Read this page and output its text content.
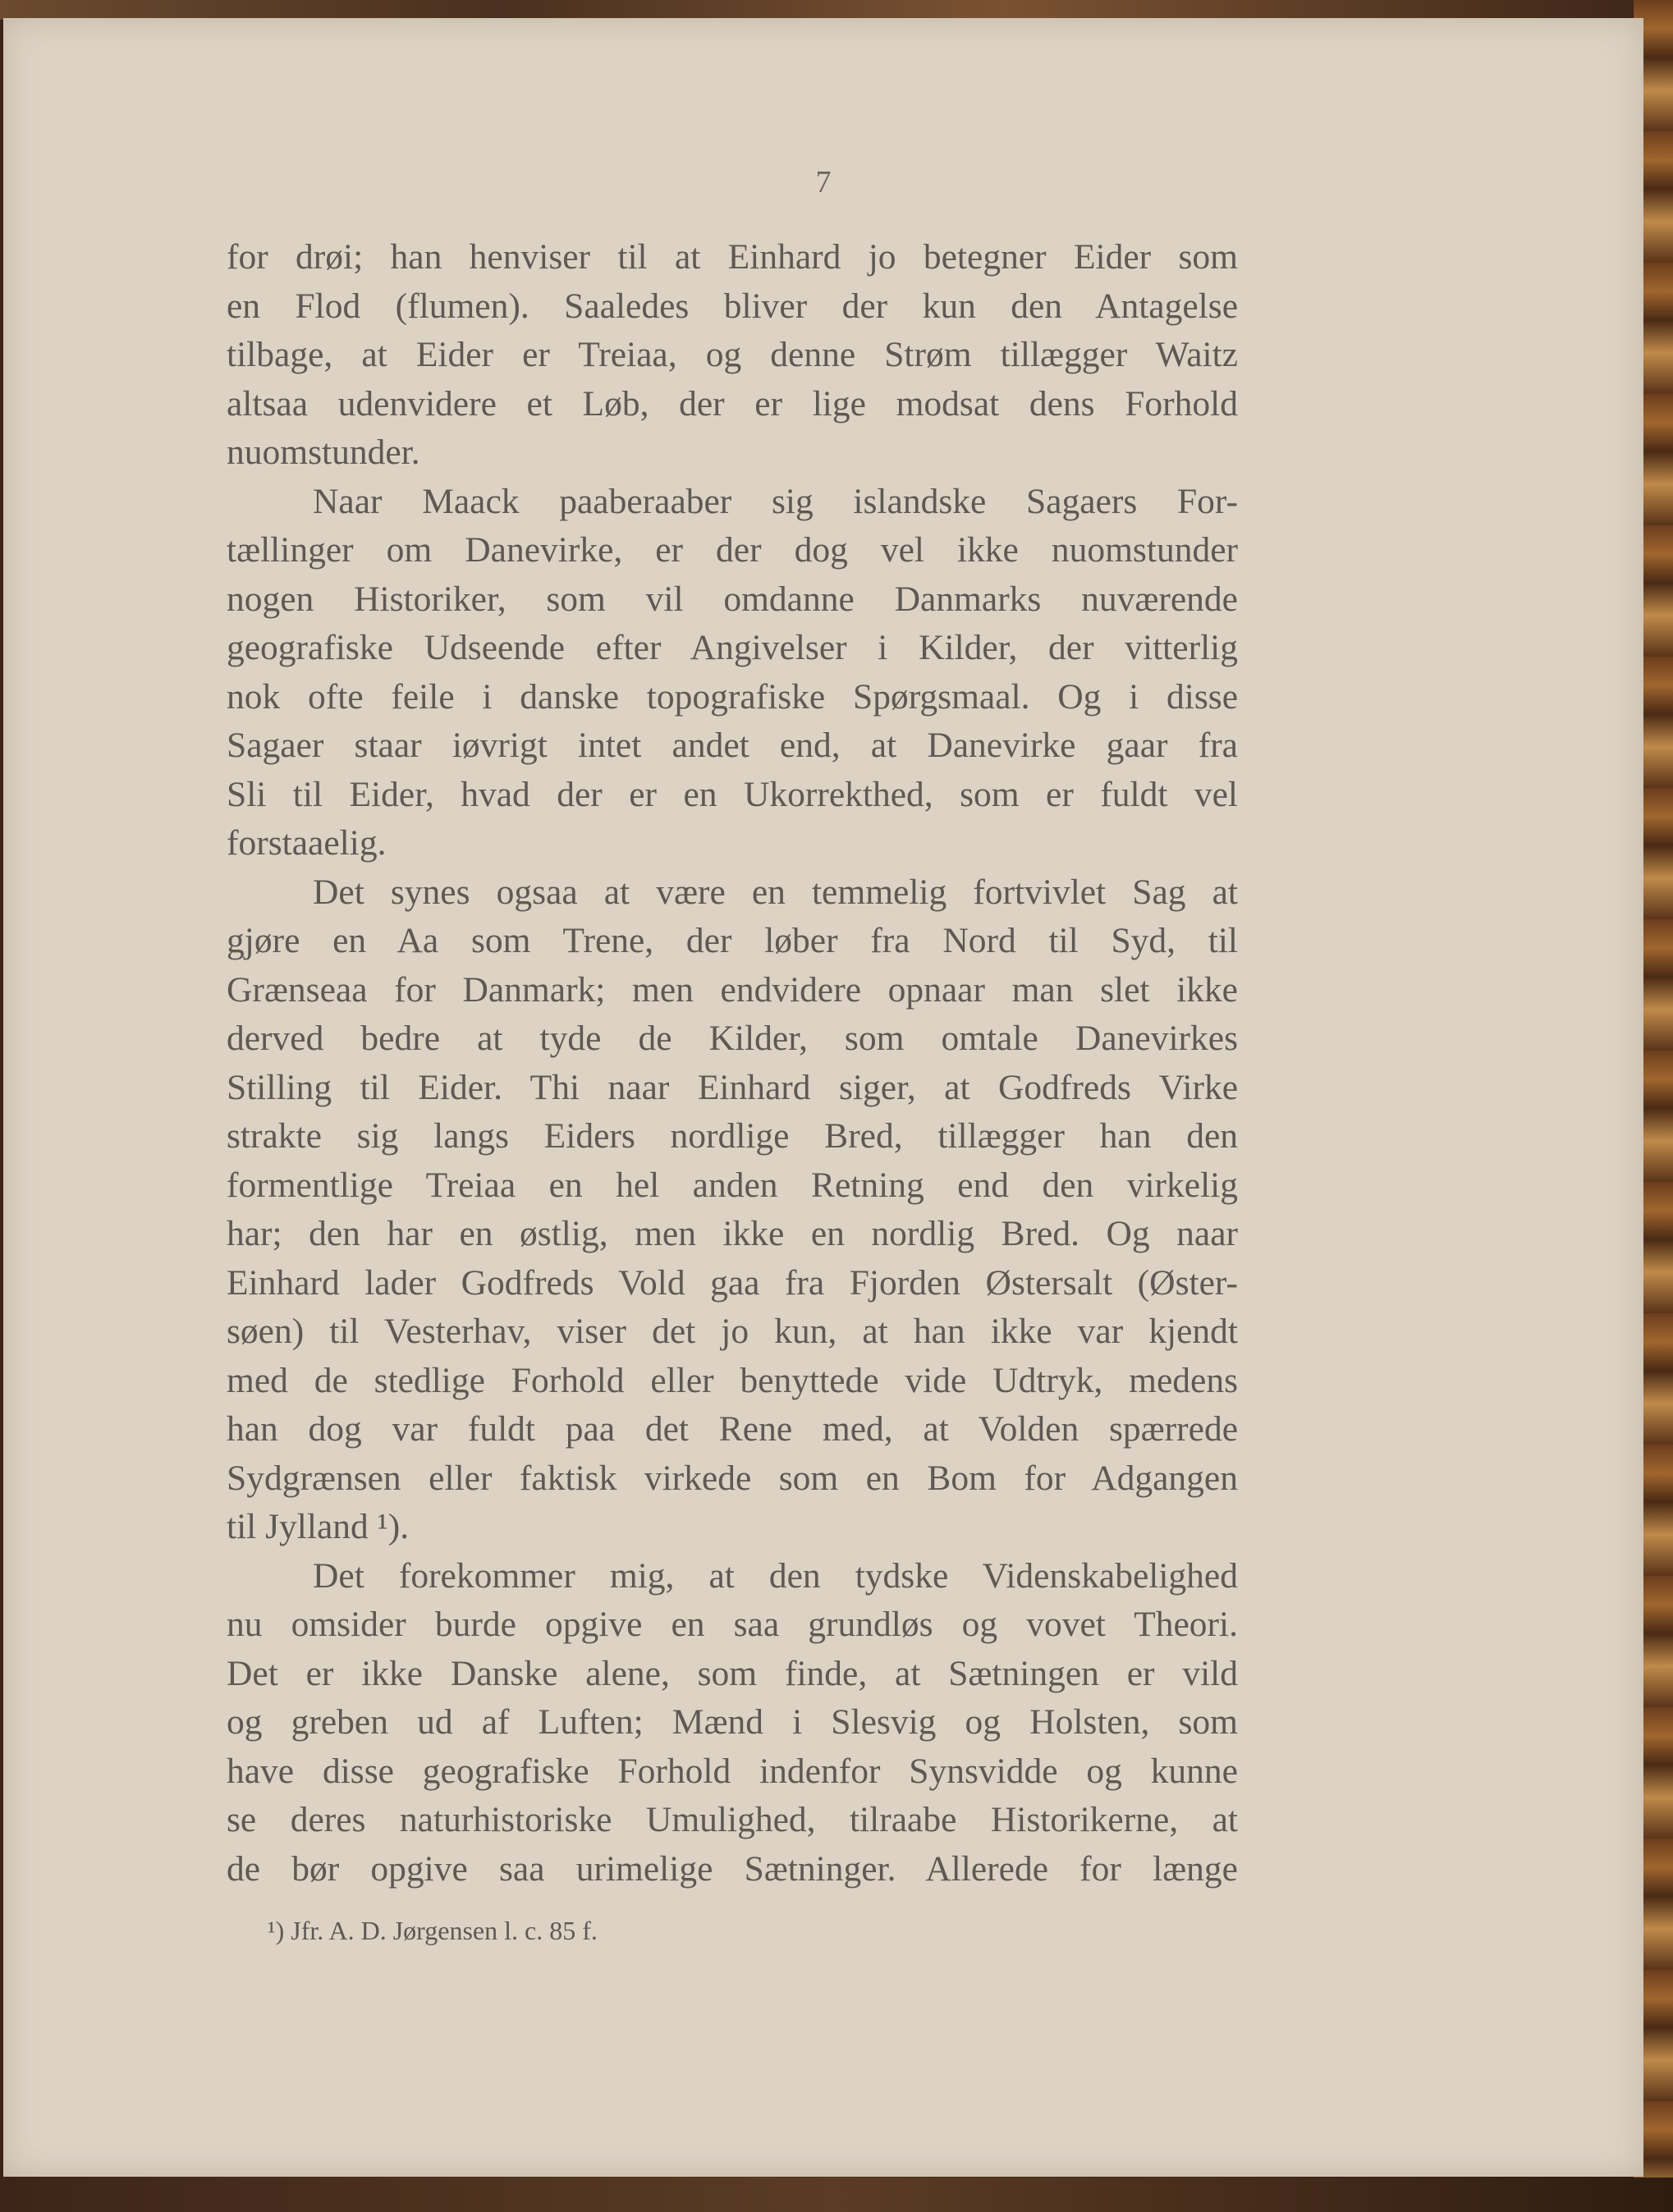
7
for drøi; han henviser til at Einhard jo betegner Eider som
en Flod (flumen). Saaledes bliver der kun den Antagelse
tilbage, at Eider er Treiaa, og denne Strøm tillægger Waitz
altsaa udenvidere et Løb, der er lige modsat dens Forhold
nuomstunder.
Naar Maack paaberaaber sig islandske Sagaers For-
tællinger om Danevirke, er der dog vel ikke nuomstunder
nogen Historiker, som vil omdanne Danmarks nuværende
geografiske Udseende efter Angivelser i Kilder, der vitterlig
nok ofte feile i danske topografiske Spørgsmaal. Og i disse
Sagaer staar iøvrigt intet andet end, at Danevirke gaar fra
Sli til Eider, hvad der er en Ukorrekthed, som er fuldt vel
forstaaelig.
Det synes ogsaa at være en temmelig fortvivlet Sag at
gjøre en Aa som Trene, der løber fra Nord til Syd, til
Grænseaa for Danmark; men endvidere opnaar man slet ikke
derved bedre at tyde de Kilder, som omtale Danevirkes
Stilling til Eider. Thi naar Einhard siger, at Godfreds Virke
strakte sig langs Eiders nordlige Bred, tillægger han den
formentlige Treiaa en hel anden Retning end den virkelig
har; den har en østlig, men ikke en nordlig Bred. Og naar
Einhard lader Godfreds Vold gaa fra Fjorden Østersalt (Øster-
søen) til Vesterhav, viser det jo kun, at han ikke var kjendt
med de stedlige Forhold eller benyttede vide Udtryk, medens
han dog var fuldt paa det Rene med, at Volden spærrede
Sydgrænsen eller faktisk virkede som en Bom for Adgangen
til Jylland ¹).
Det forekommer mig, at den tydske Videnskabelighed
nu omsider burde opgive en saa grundløs og vovet Theori.
Det er ikke Danske alene, som finde, at Sætningen er vild
og greben ud af Luften; Mænd i Slesvig og Holsten, som
have disse geografiske Forhold indenfor Synsvidde og kunne
se deres naturhistoriske Umulighed, tilraabe Historikerne, at
de bør opgive saa urimelige Sætninger. Allerede for længe
¹) Jfr. A. D. Jørgensen l. c. 85 f.
